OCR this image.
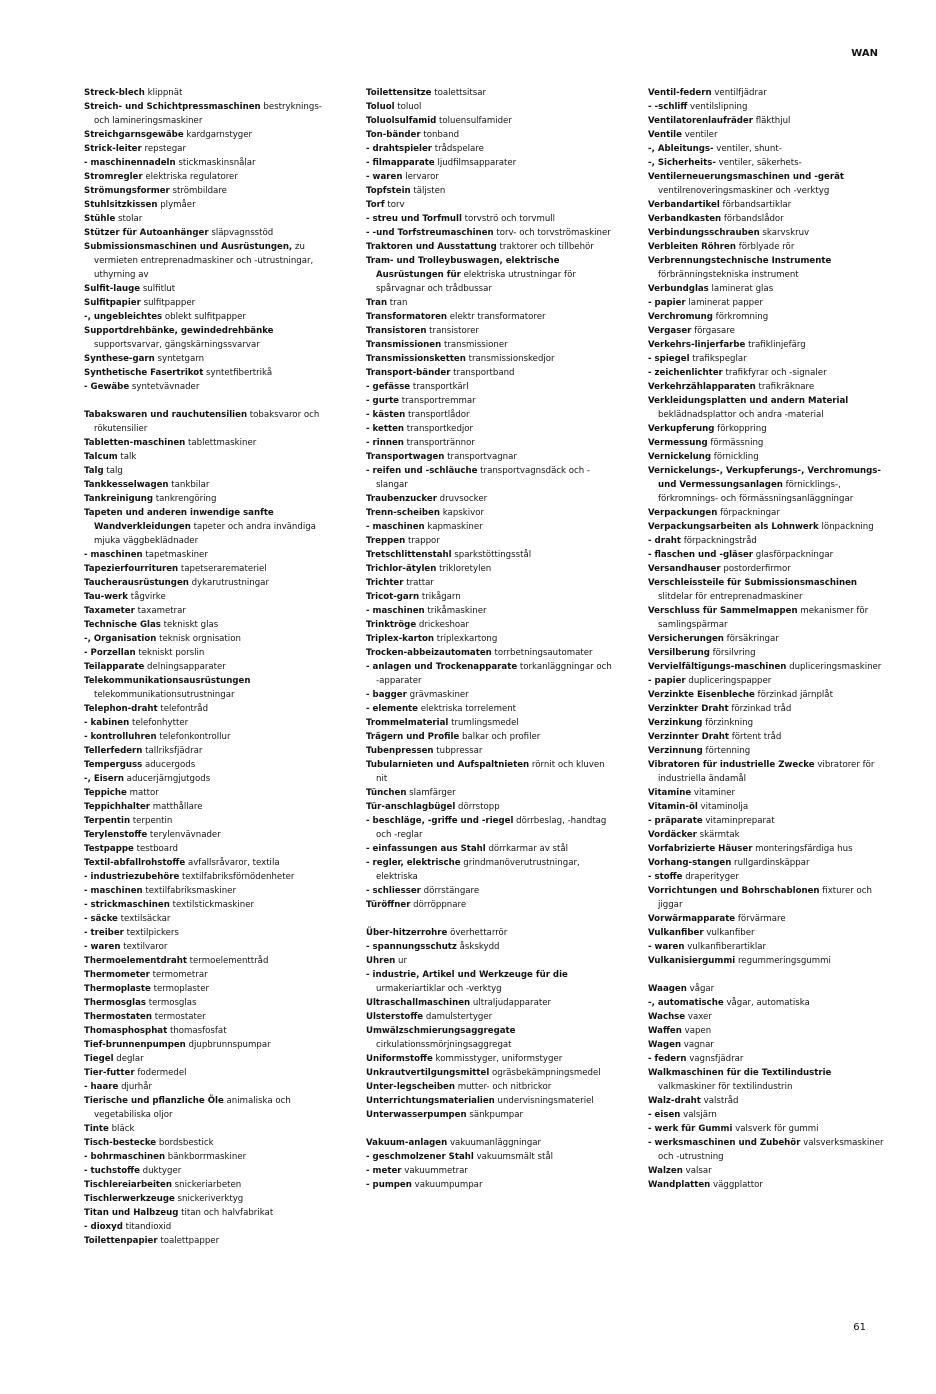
WAN
Streck-blech klippnät
Streich- und Schichtpressmaschinen bestryknings- och lamineringsmaskiner
Streichgarnsgewäbe kardgarnstyger
Strick-leiter repstegar
- maschinennadeln stickmaskinsnålar
Stromregler elektriska regulatorer
Strömungsformer strömbildare
Stuhlsitzkissen plymåer
Stühle stolar
Stützer für Autoanhänger släpvagnsstöd
Submissionsmaschinen und Ausrüstungen, zu vermieten entreprenadmaskiner och -utrustningar, uthyrning av
Sulfit-lauge sulfitlut
Sulfitpapier sulfitpapper
-, ungebleichtes oblekt sulfitpapper
Supportdrehbänke, gewindedrehbänke supportsvarvar, gängskärningssvarvar
Synthese-garn syntetgarn
Synthetische Fasertrikot syntetfibertrikå
- Gewäbe syntetvävnader
Tabakswaren und rauchutensilien tobaksvaror och rökutensilier
Tabletten-maschinen tablettmaskiner
Talcum talk
Talg talg
Tankkesselwagen tankbilar
Tankreinigung tankrengöring
Tapeten und anderen inwendige sanfte Wandverkleidungen tapeter och andra invändiga mjuka väggbeklädnader
- maschinen tapetmaskiner
Tapezierfourrituren tapetseraremateriel
Taucherausrüstungen dykarutrustningar
Tau-werk tågvirke
Taxameter taxametrar
Technische Glas tekniskt glas
-, Organisation teknisk orgnisation
- Porzellan tekniskt porslin
Teilapparate delningsapparater
Telekommunikationsausrüstungen telekommunikationsutrustningar
Telephon-draht telefontråd
- kabinen telefonhytter
- kontrolluhren telefonkontrollur
Tellerfedern tallriksfjädrar
Temperguss aducergods
-, Eisern aducerjärngjutgods
Teppiche mattor
Teppichhalter matthållare
Terpentin terpentin
Terylenstoffe terylenvävnader
Testpappe testboard
Textil-abfallrohstoffe avfallsråvaror, textila
- industriezubehöre textilfabriksförnödenheter
- maschinen textilfabriksmaskiner
- strickmaschinen textilstickmaskiner
- säcke textilsäckar
- treiber textilpickers
- waren textilvaror
Thermoelementdraht termoelementtråd
Thermometer termometrar
Thermoplaste termoplaster
Thermosglas termosglas
Thermostaten termostater
Thomasphosphat thomasfosfat
Tief-brunnenpumpen djupbrunnspumpar
Tiegel deglar
Tier-futter fodermedel
- haare djurhår
Tierische und pflanzliche Öle animaliska och vegetabiliska oljor
Tinte bläck
Tisch-bestecke bordsbestick
- bohrmaschinen bänkborrmaskiner
- tuchstoffe duktyger
Tischlereiarbeiten snickeriarbeten
Tischlerwerkzeuge snickeriverktyg
Titan und Halbzeug titan och halvfabrikat
- dioxyd titandioxid
Toilettenpapier toalettpapper
Toilettensitze toalettsitsar
Toluol toluol
Toluolsulfamid toluensulfamider
Ton-bänder tonband
- drahtspieler trådspelare
- filmapparate ljudfilmsapparater
- waren lervaror
Topfstein täljsten
Torf torv
- streu und Torfmull torvströ och torvmull
- -und Torfstreumaschinen torv- och torvströmaskiner
Traktoren und Ausstattung traktorer och tillbehör
Tram- und Trolleybuswagen, elektrische Ausrüstungen für elektriska utrustningar för spårvagnar och trådbussar
Tran tran
Transformatoren elektr transformatorer
Transistoren transistorer
Transmissionen transmissioner
Transmissionsketten transmissionskedjor
Transport-bänder transportband
- gefässe transportkärl
- gurte transportremmar
- kästen transportlådor
- ketten transportkedjor
- rinnen transportrännor
Transportwagen transportvagnar
- reifen und -schläuche transportvagnsdäck och -slangar
Traubenzucker druvsocker
Trenn-scheiben kapskivor
- maschinen kapmaskiner
Treppen trappor
Tretschlittenstahl sparkstöttingsstål
Trichlor-ätylen trikloretylen
Trichter trattar
Tricot-garn trikågarn
- maschinen trikåmaskiner
Trinktröge drickeshoar
Triplex-karton triplexkartong
Trocken-abbeizautomaten torrbetningsautomater
- anlagen und Trockenapparate torkanläggningar och -apparater
- bagger grävmaskiner
- elemente elektriska torrelement
Trommelmaterial trumlingsmedel
Trägern und Profile balkar och profiler
Tubenpressen tubpressar
Tubularnieten und Aufspaltnieten rörnit och kluven nit
Tünchen slamfärger
Tür-anschlagbügel dörrstopp
- beschläge, -griffe und -riegel dörrbeslag, -handtag och -reglar
- einfassungen aus Stahl dörrkarmar av stål
- regler, elektrische grindmanöverutrustningar, elektriska
- schliesser dörrstängare
Türöffner dörröppnare
Über-hitzerrohre överhettarrör
- spannungsschutz åskskydd
Uhren ur
- industrie, Artikel und Werkzeuge für die urmakeriartiklar och -verktyg
Ultraschallmaschinen ultraljudapparater
Ulsterstoffe damulstertyger
Umwälzschmierungsaggregate cirkulationssmörjningsaggregat
Uniformstoffe kommisstyger, uniformstyger
Unkrautvertilgungsmittel ogräsbekämpningsmedel
Unter-legscheiben mutter- och nitbrickor
Unterrichtungsmaterialien undervisningsmateriel
Unterwasserpumpen sänkpumpar
Vakuum-anlagen vakuumanläggningar
- geschmolzener Stahl vakuumsmält stål
- meter vakuummetrar
- pumpen vakuumpumpar
Ventil-federn ventilfjädrar
- -schliff ventilslipning
Ventilatorenlaufräder fläkthjul
Ventile ventiler
-, Ableitungs- ventiler, shunt-
-, Sicherheits- ventiler, säkerhets-
Ventilerneuerungsmaschinen und -gerät ventilrenoveringsmaskiner och -verktyg
Verbandartikel förbandsartiklar
Verbandkasten förbandslådor
Verbindungsschrauben skarvskruv
Verbleiten Röhren förblyade rör
Verbrennungstechnische Instrumente förbränningstekniska instrument
Verbundglas laminerat glas
- papier laminerat papper
Verchromung förkromning
Vergaser förgasare
Verkehrs-linjerfarbe trafiklinjefärg
- spiegel trafikspeglar
- zeichenlichter trafikfyrar och -signaler
Verkehrzählapparaten trafikräknare
Verkleidungsplatten und andern Material beklädnadsplattor och andra -material
Verkupferung förkoppring
Vermessung förmässning
Vernickelung förnickling
Vernickelungs-, Verkupferungs-, Verchromungs- und Vermessungsanlagen förnicklings-, förkromnings- och förmässningsanläggningar
Verpackungen förpackningar
Verpackungsarbeiten als Lohnwerk lönpackning
- draht förpackningstråd
- flaschen und -gläser glasförpackningar
Versandhauser postorderfirmor
Verschleissteile für Submissionsmaschinen slitdelar för entreprenadmaskiner
Verschluss für Sammelmappen mekanismer för samlingspärmar
Versicherungen försäkringar
Versilberung försilvring
Vervielfältigungs-maschinen dupliceringsmaskiner
- papier dupliceringspapper
Verzinkte Eisenbleche förzinkad järnplåt
Verzinkter Draht förzinkad tråd
Verzinkung förzinkning
Verzinnter Draht förtent tråd
Verzinnung förtenning
Vibratoren für industrielle Zwecke vibratorer för industriella ändamål
Vitamine vitaminer
Vitamin-öl vitaminolja
- präparate vitaminpreparat
Vordäcker skärmtak
Vorfabrizierte Häuser monteringsfärdiga hus
Vorhang-stangen rullgardinskäppar
- stoffe draperityger
Vorrichtungen und Bohrschablonen fixturer och jiggar
Vorwärmapparate förvärmare
Vulkanfiber vulkanfiber
- waren vulkanfiberartiklar
Vulkanisiergummi regummeringsgummi
Waagen vågar
-, automatische vågar, automatiska
Wachse vaxer
Waffen vapen
Wagen vagnar
- federn vagnsfjädrar
Walkmaschinen für die Textilindustrie valkmaskiner för textilindustrin
Walz-draht valstråd
- eisen valsjärn
- werk für Gummi valsverk för gummi
- werksmaschinen und Zubehör valsverksmaskiner och -utrustning
Walzen valsar
Wandplatten väggplattor
61
